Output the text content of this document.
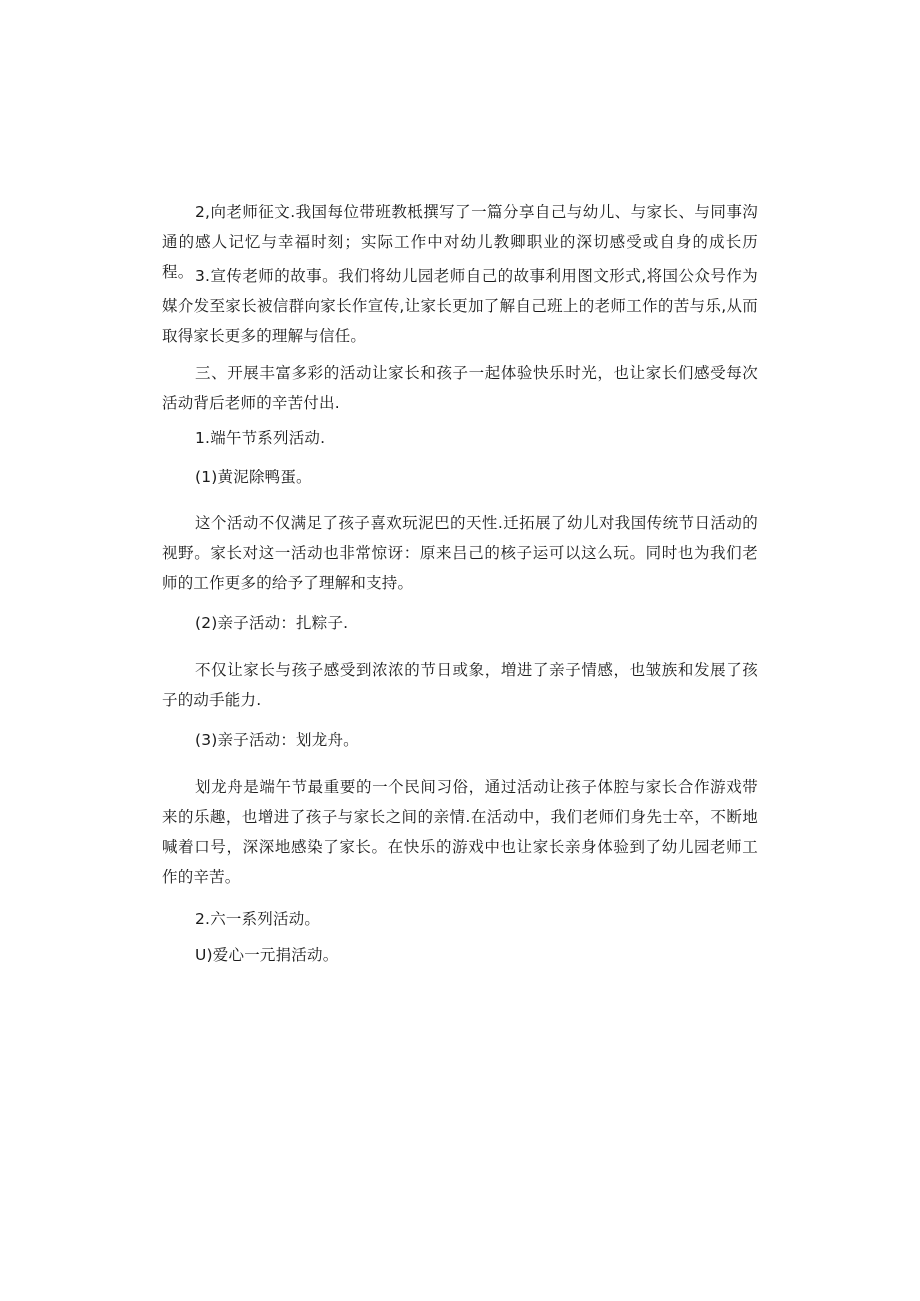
2,向老师征文.我国每位带班教柢撰写了一篇分享自己与幼儿、与家长、与同事沟通的感人记忆与幸福时刻；实际工作中对幼儿教卿职业的深切感受或自身的成长历程。 3.宣传老师的故事。我们将幼儿园老师自己的故事利用图文形式,将国公众号作为媒介发至家长被信群向家长作宣传,让家长更加了解自己班上的老师工作的苦与乐,从而取得家长更多的理解与信任。

三、开展丰富多彩的活动让家长和孩子一起体验快乐时光，也让家长们感受每次活动背后老师的辛苦付出.

1.端午节系列活动.

(1)黄泥除鸭蛋。

这个活动不仅满足了孩子喜欢玩泥巴的天性.迁拓展了幼儿对我国传统节日活动的视野。家长对这一活动也非常惊讶：原来吕己的核子运可以这么玩。同时也为我们老师的工作更多的给予了理解和支持。

(2)亲子活动：扎粽子.

不仅让家长与孩子感受到浓浓的节日或象，増进了亲子情感，也皱族和发展了孩子的动手能力.

(3)亲子活动：划龙舟。

划龙舟是端午节最重要的一个民间习俗，通过活动让孩子体腔与家长合作游戏带来的乐趣，也增进了孩子与家长之间的亲情.在活动中，我们老师们身先士卒，不断地喊着口号，深深地感染了家长。在快乐的游戏中也让家长亲身体验到了幼儿园老师工作的辛苦。

2.六一系列活动。

U)爱心一元捐活动。
